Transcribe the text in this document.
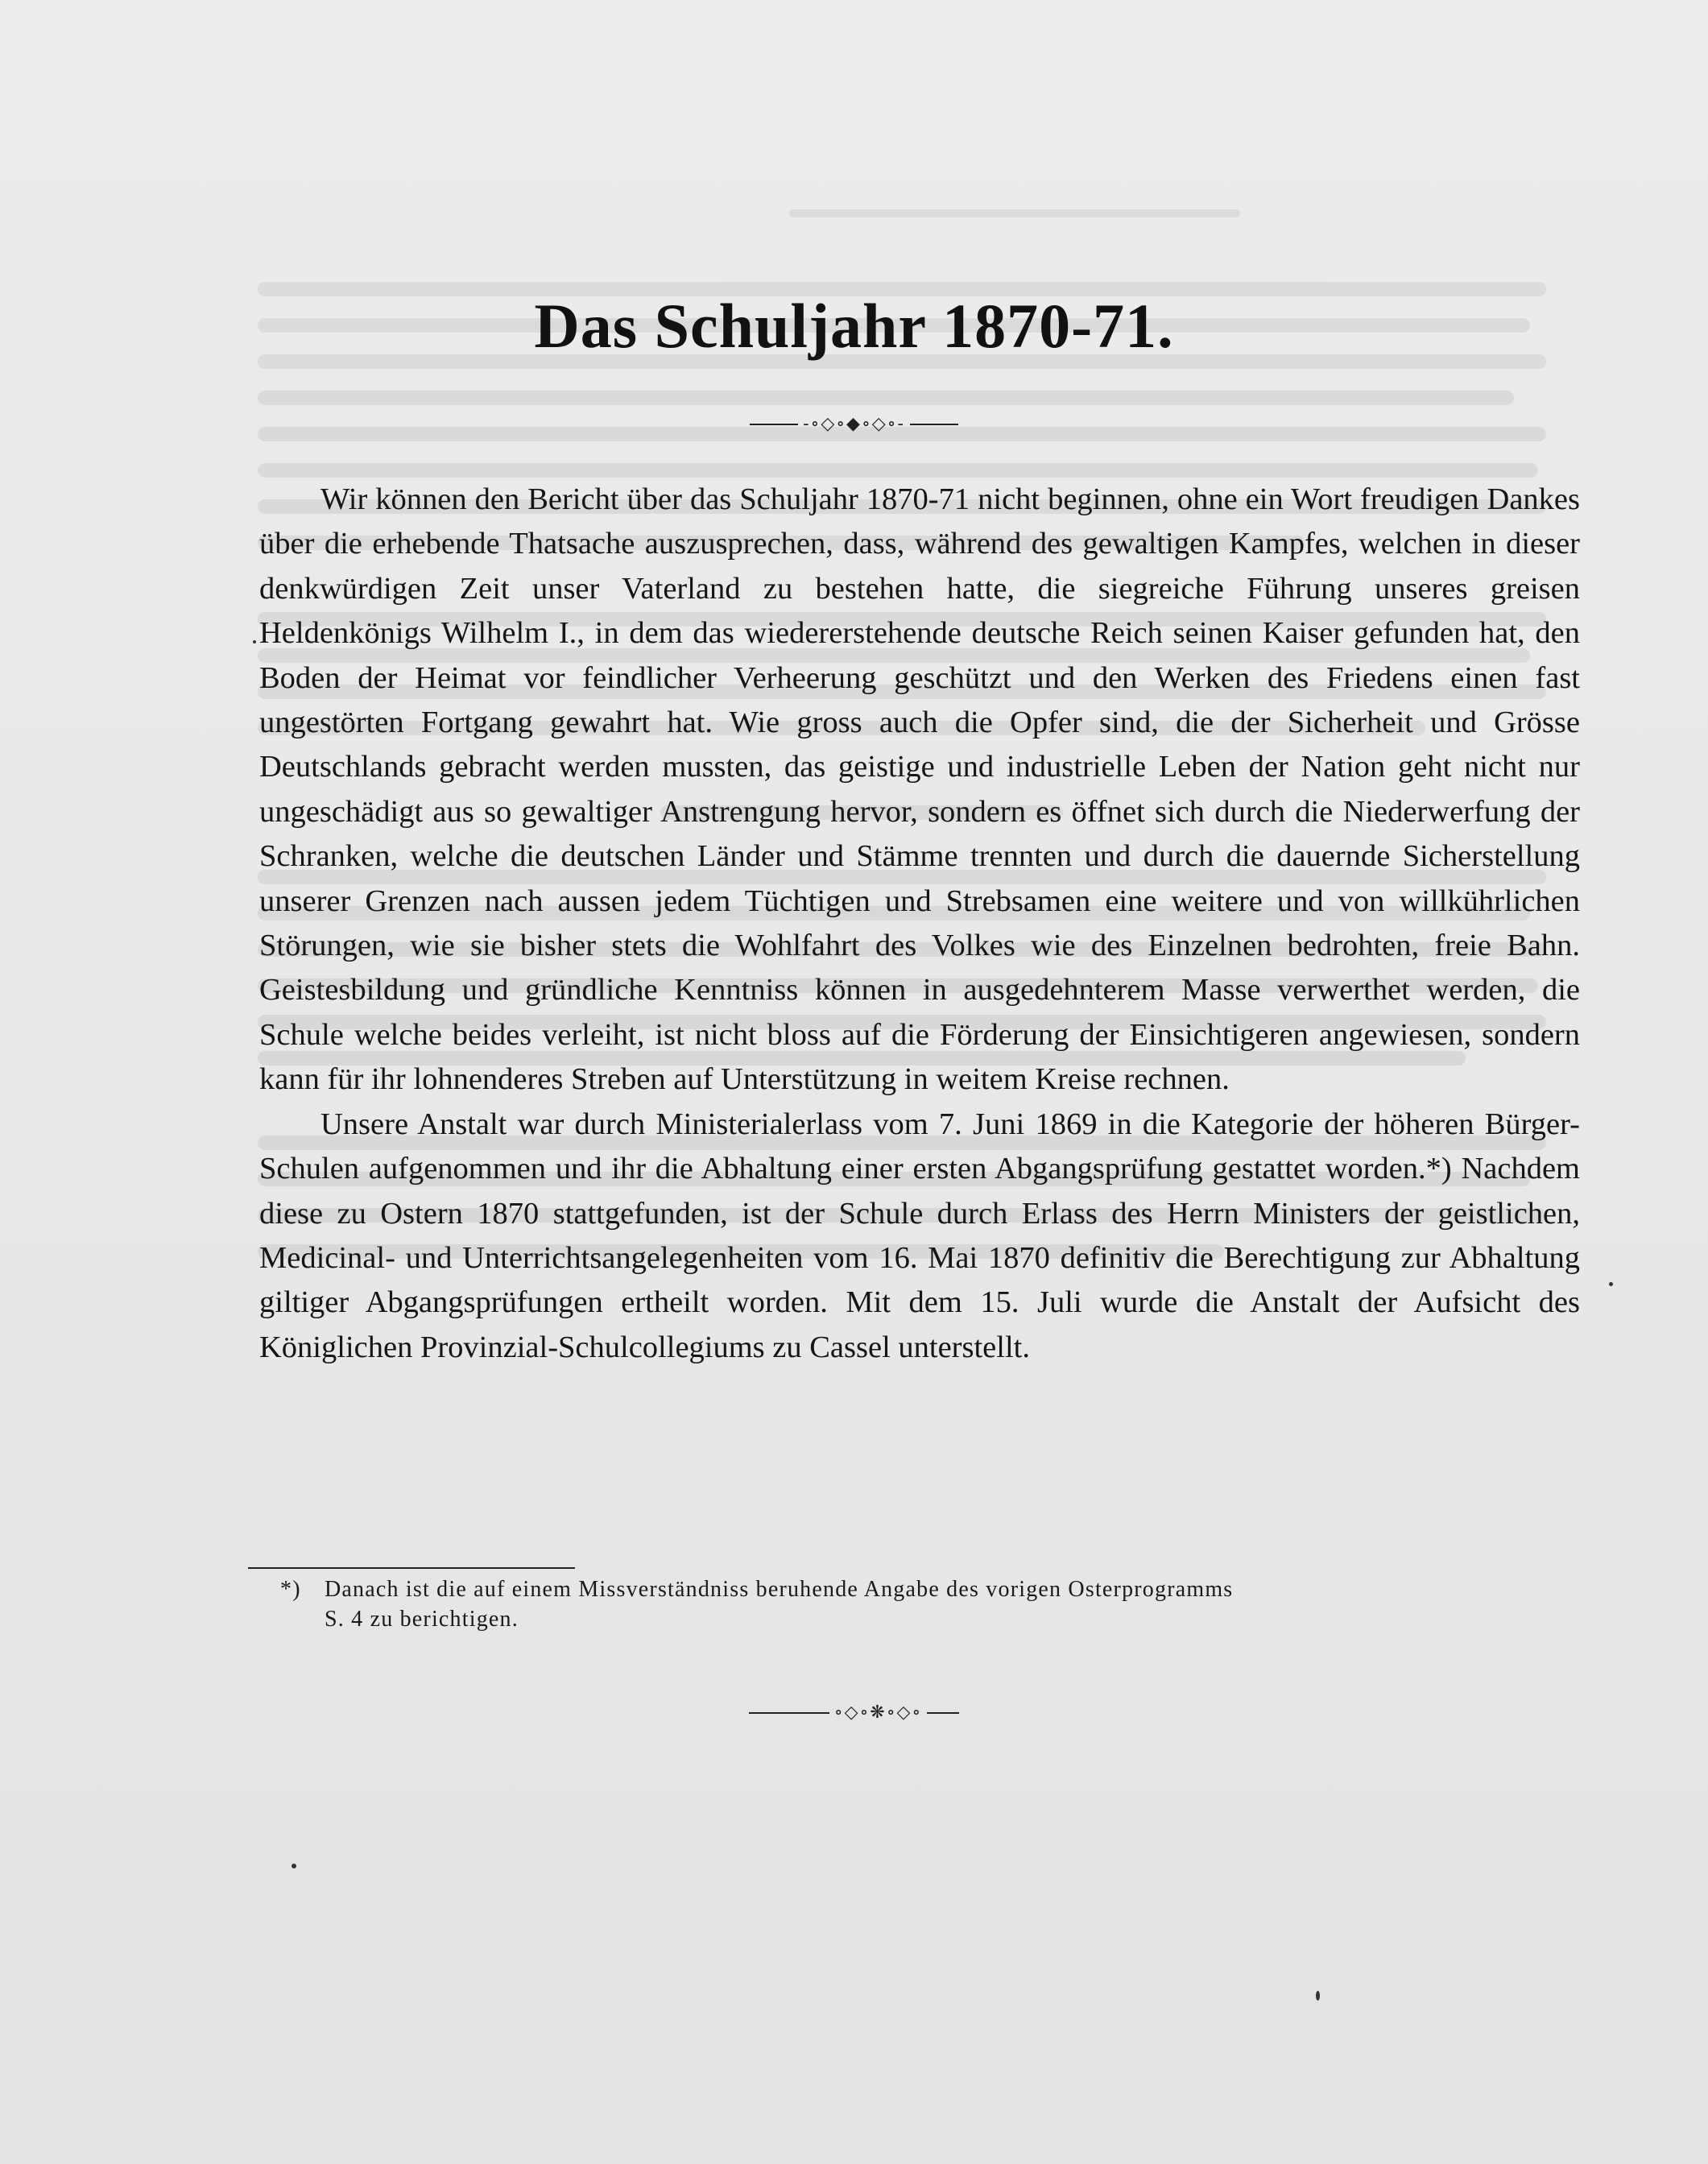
Das Schuljahr 1870-71.
-∘◇∘◆∘◇∘-

Wir können den Bericht über das Schuljahr 1870-71 nicht beginnen, ohne ein Wort freudigen Dankes über die erhebende Thatsache auszusprechen, dass, während des gewaltigen Kampfes, welchen in dieser denkwürdigen Zeit unser Vaterland zu bestehen hatte, die siegreiche Führung unseres greisen Heldenkönigs Wilhelm I., in dem das wiedererstehende deutsche Reich seinen Kaiser gefunden hat, den Boden der Heimat vor feindlicher Verheerung geschützt und den Werken des Friedens einen fast ungestörten Fortgang gewahrt hat. Wie gross auch die Opfer sind, die der Sicherheit und Grösse Deutschlands gebracht werden mussten, das geistige und industrielle Leben der Nation geht nicht nur ungeschädigt aus so gewaltiger Anstrengung hervor, sondern es öffnet sich durch die Niederwerfung der Schranken, welche die deutschen Länder und Stämme trennten und durch die dauernde Sicherstellung unserer Grenzen nach aussen jedem Tüchtigen und Strebsamen eine weitere und von willkührlichen Störungen, wie sie bisher stets die Wohlfahrt des Volkes wie des Einzelnen bedrohten, freie Bahn. Geistesbildung und gründliche Kenntniss können in ausgedehnterem Masse verwerthet werden, die Schule welche beides verleiht, ist nicht bloss auf die Förderung der Einsichtigeren angewiesen, sondern kann für ihr lohnenderes Streben auf Unterstützung in weitem Kreise rechnen.

Unsere Anstalt war durch Ministerialerlass vom 7. Juni 1869 in die Kategorie der höheren Bürger-Schulen aufgenommen und ihr die Abhaltung einer ersten Abgangsprüfung gestattet worden.*) Nachdem diese zu Ostern 1870 stattgefunden, ist der Schule durch Erlass des Herrn Ministers der geistlichen, Medicinal- und Unterrichtsangelegenheiten vom 16. Mai 1870 definitiv die Berechtigung zur Abhaltung giltiger Abgangsprüfungen ertheilt worden. Mit dem 15. Juli wurde die Anstalt der Aufsicht des Königlichen Provinzial-Schulcollegiums zu Cassel unterstellt.

*) Danach ist die auf einem Missverständniss beruhende Angabe des vorigen Osterprogramms
S. 4 zu berichtigen.
∘◇∘❋∘◇∘
